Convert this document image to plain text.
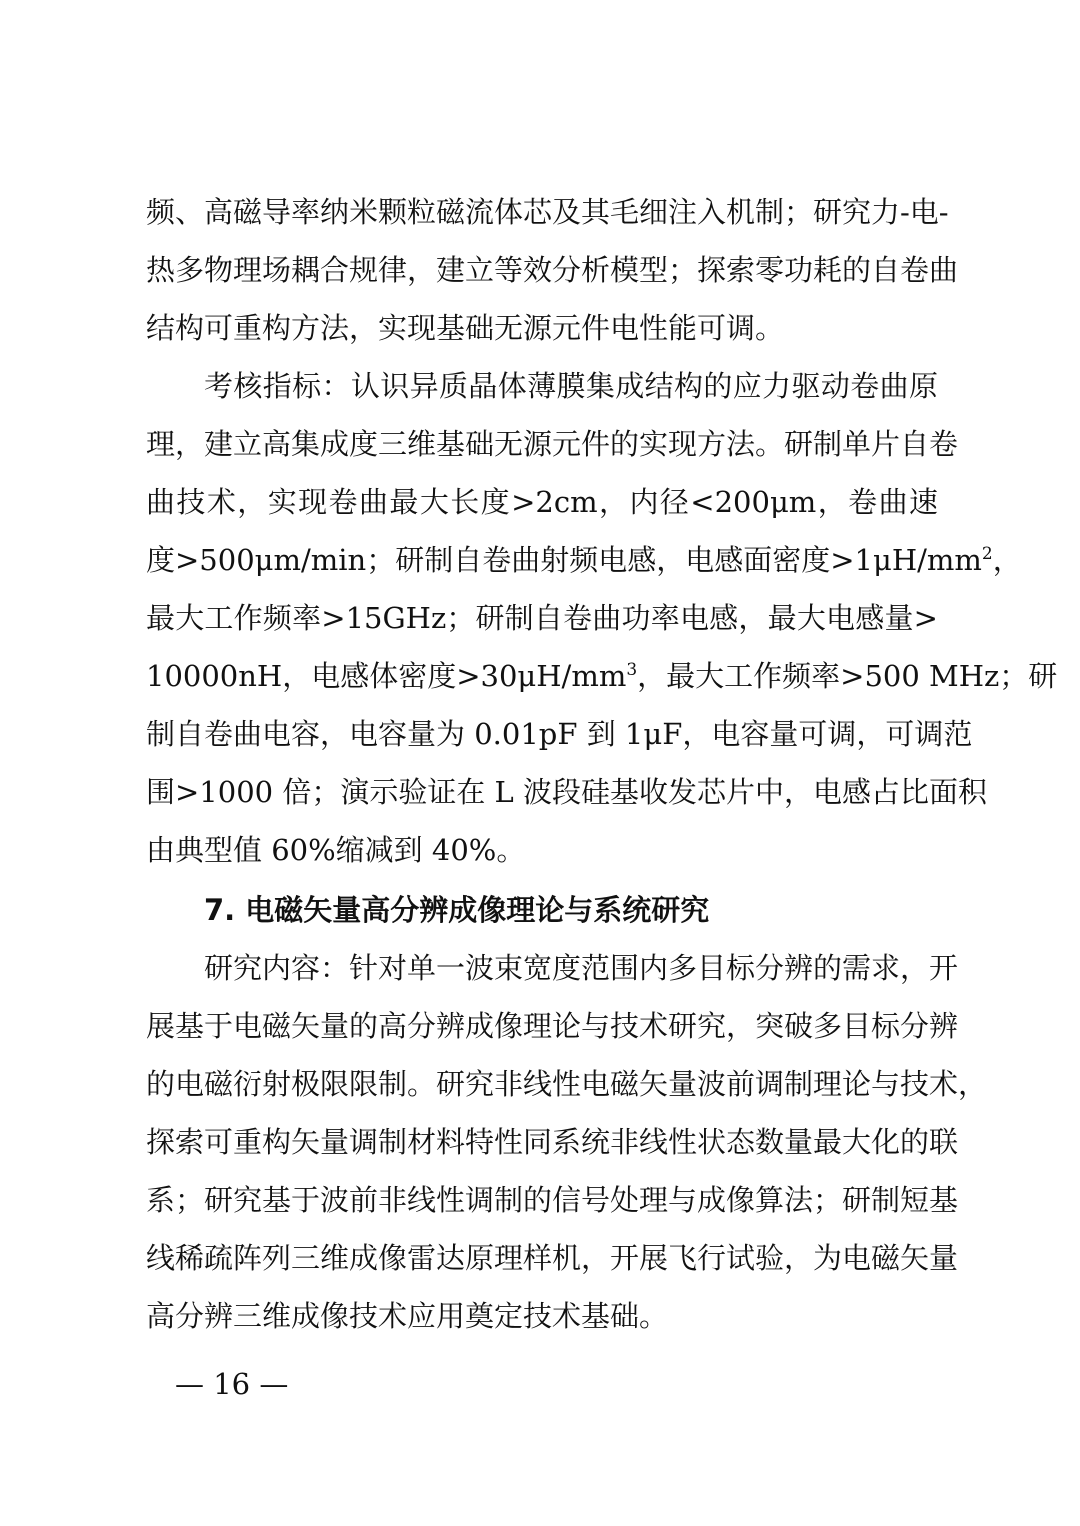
频、高磁导率纳米颗粒磁流体芯及其毛细注入机制；研究力-电-
热多物理场耦合规律，建立等效分析模型；探索零功耗的自卷曲
结构可重构方法，实现基础无源元件电性能可调。
考核指标：认识异质晶体薄膜集成结构的应力驱动卷曲原
理，建立高集成度三维基础无源元件的实现方法。研制单片自卷
曲技术，实现卷曲最大长度>2cm，内径<200μm，卷曲速
度>500μm/min；研制自卷曲射频电感，电感面密度$>1\mu H/mm^2$，
最大工作频率>15GHz；研制自卷曲功率电感，最大电感量>
10000nH，电感体密度$>30\mu H/mm^3$，最大工作频率>500 MHz；研
制自卷曲电容，电容量为 0.01pF 到 1μF，电容量可调，可调范
围>1000 倍；演示验证在 L 波段硅基收发芯片中，电感占比面积
由典型值 60%缩减到 40%。
7. 电磁矢量高分辨成像理论与系统研究
研究内容：针对单一波束宽度范围内多目标分辨的需求，开
展基于电磁矢量的高分辨成像理论与技术研究，突破多目标分辨
的电磁衍射极限限制。研究非线性电磁矢量波前调制理论与技术，
探索可重构矢量调制材料特性同系统非线性状态数量最大化的联
系；研究基于波前非线性调制的信号处理与成像算法；研制短基
线稀疏阵列三维成像雷达原理样机，开展飞行试验，为电磁矢量
高分辨三维成像技术应用奠定技术基础。
— 16 —
